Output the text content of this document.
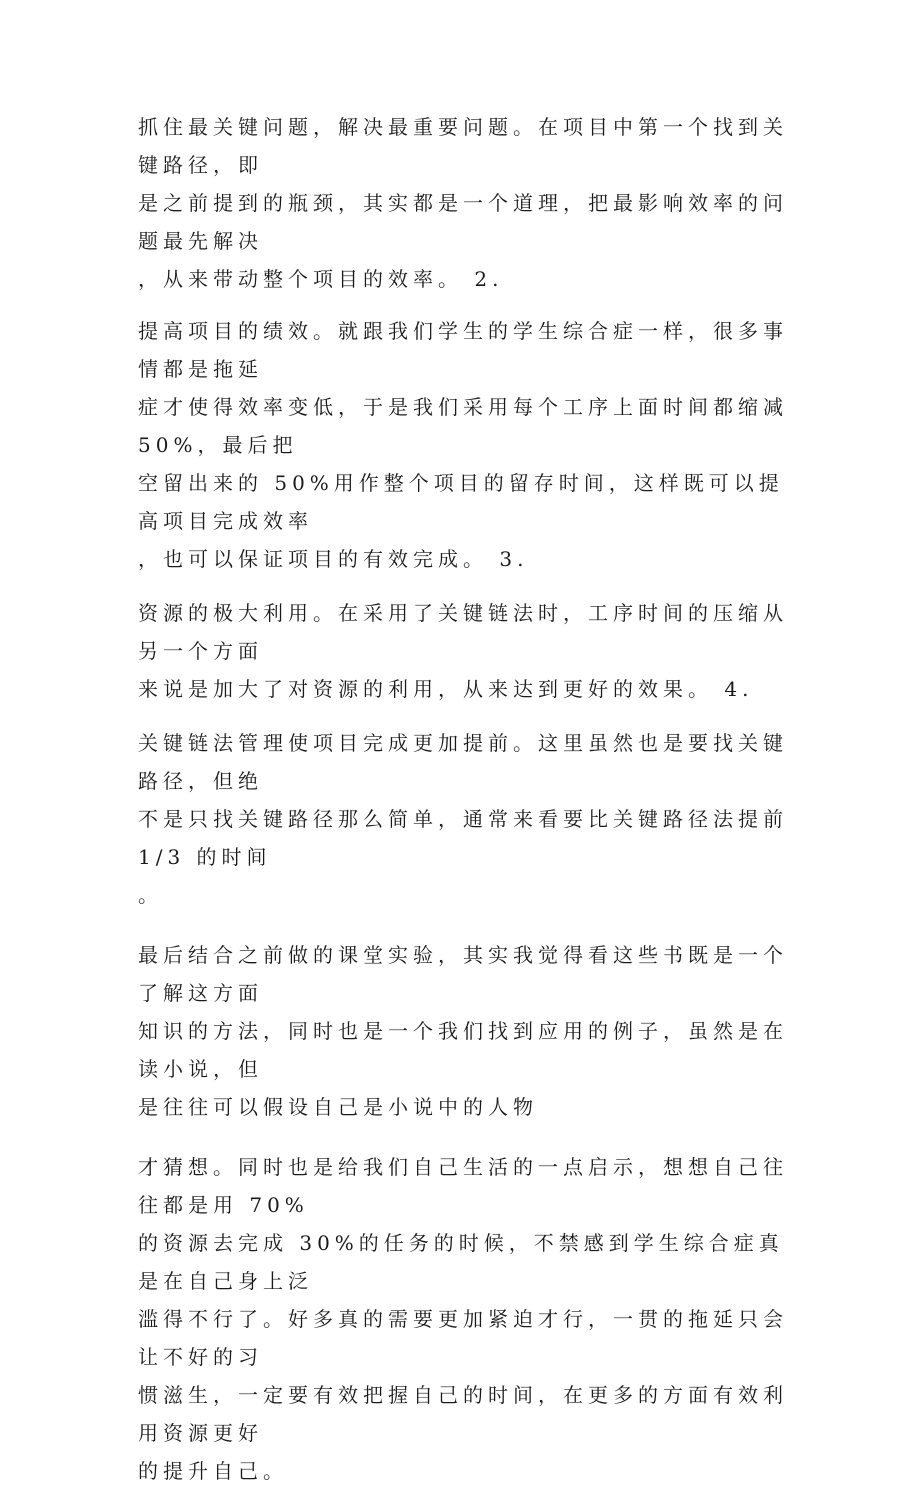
抓住最关键问题，解决最重要问题。在项目中第一个找到关键路径，即
是之前提到的瓶颈，其实都是一个道理，把最影响效率的问题最先解决
，从来带动整个项目的效率。 2.
提高项目的绩效。就跟我们学生的学生综合症一样，很多事情都是拖延
症才使得效率变低，于是我们采用每个工序上面时间都缩减 50%，最后把
空留出来的 50%用作整个项目的留存时间，这样既可以提高项目完成效率
，也可以保证项目的有效完成。 3.
资源的极大利用。在采用了关键链法时，工序时间的压缩从另一个方面
来说是加大了对资源的利用，从来达到更好的效果。 4.
关键链法管理使项目完成更加提前。这里虽然也是要找关键路径，但绝
不是只找关键路径那么简单，通常来看要比关键路径法提前 1/3 的时间
。
最后结合之前做的课堂实验，其实我觉得看这些书既是一个了解这方面
知识的方法，同时也是一个我们找到应用的例子，虽然是在读小说，但
是往往可以假设自己是小说中的人物
才猜想。同时也是给我们自己生活的一点启示，想想自己往往都是用 70%
的资源去完成 30%的任务的时候，不禁感到学生综合症真是在自己身上泛
滥得不行了。好多真的需要更加紧迫才行，一贯的拖延只会让不好的习
惯滋生，一定要有效把握自己的时间，在更多的方面有效利用资源更好
的提升自己。
